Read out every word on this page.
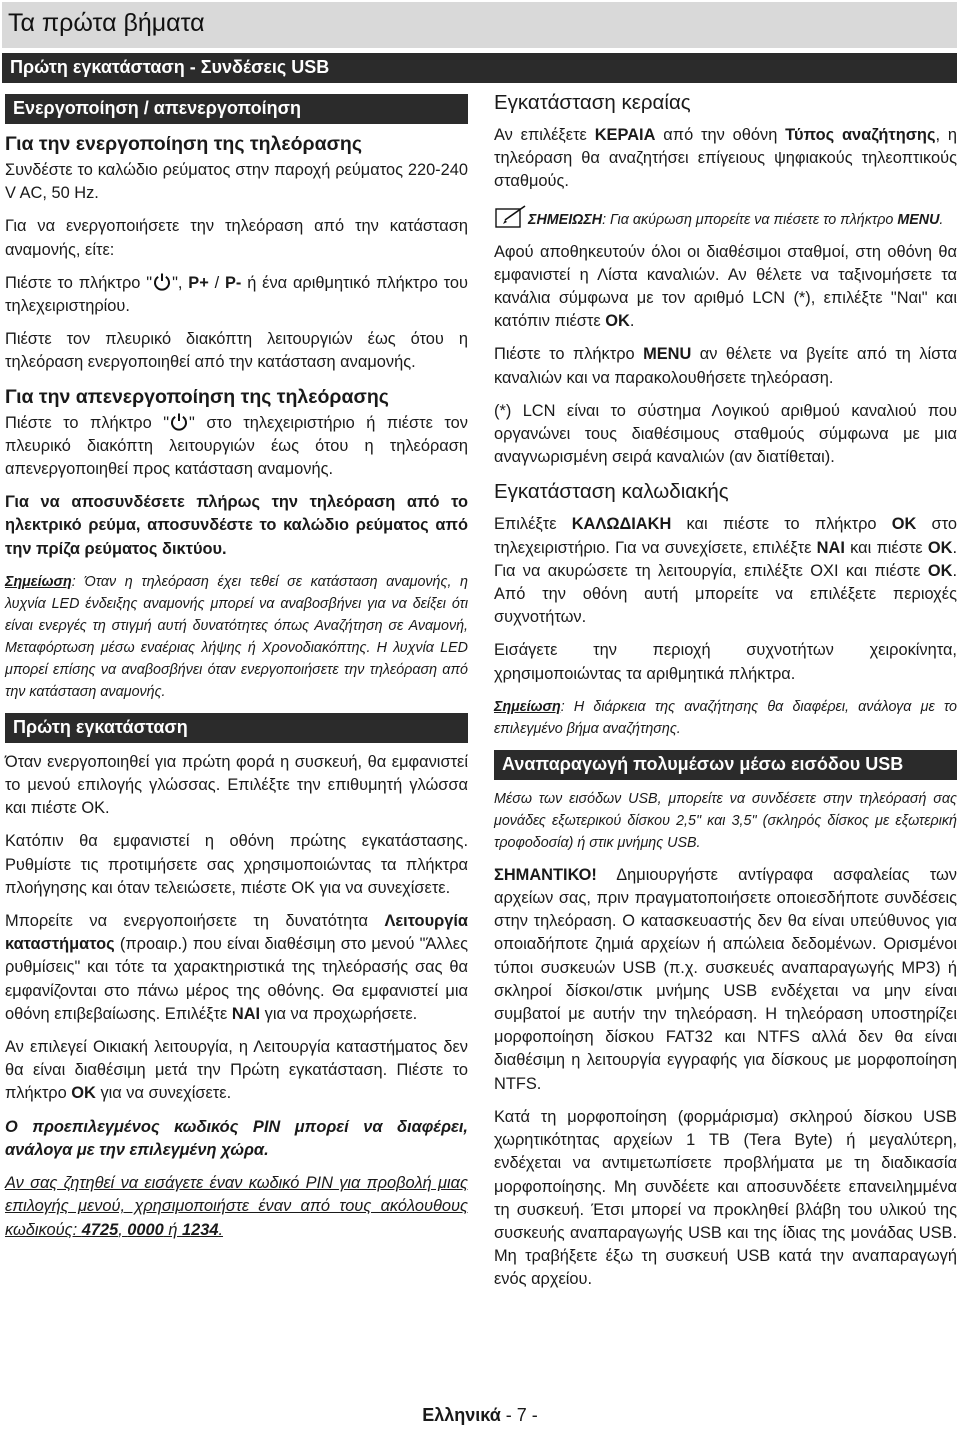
Τα πρώτα βήματα
Πρώτη εγκατάσταση - Συνδέσεις USB
Ενεργοποίηση / απενεργοποίηση
Για την ενεργοποίηση της τηλεόρασης

Συνδέστε το καλώδιο ρεύματος στην παροχή ρεύματος 220-240 V AC, 50 Hz.

Για να ενεργοποιήσετε την τηλεόραση από την κατάσταση αναμονής, είτε:

Πιέστε το πλήκτρο " ", P+ / P- ή ένα αριθμητικό πλήκτρο του τηλεχειριστηρίου.

Πιέστε τον πλευρικό διακόπτη λειτουργιών έως ότου η τηλεόραση ενεργοποιηθεί από την κατάσταση αναμονής.

Για την απενεργοποίηση της τηλεόρασης

Πιέστε το πλήκτρο " " στο τηλεχειριστήριο ή πιέστε τον πλευρικό διακόπτη λειτουργιών έως ότου η τηλεόραση απενεργοποιηθεί προς κατάσταση αναμονής.

Για να αποσυνδέσετε πλήρως την τηλεόραση από το ηλεκτρικό ρεύμα, αποσυνδέστε το καλώδιο ρεύματος από την πρίζα ρεύματος δικτύου.

Σημείωση: Όταν η τηλεόραση έχει τεθεί σε κατάσταση αναμονής, η λυχνία LED ένδειξης αναμονής μπορεί να αναβοσβήνει για να δείξει ότι είναι ενεργές τη στιγμή αυτή δυνατότητες όπως Αναζήτηση σε Αναμονή, Μεταφόρτωση μέσω εναέριας λήψης ή Χρονοδιακόπτης. Η λυχνία LED μπορεί επίσης να αναβοσβήνει όταν ενεργοποιήσετε την τηλεόραση από την κατάσταση αναμονής.

Πρώτη εγκατάσταση

Όταν ενεργοποιηθεί για πρώτη φορά η συσκευή, θα εμφανιστεί το μενού επιλογής γλώσσας. Επιλέξτε την επιθυμητή γλώσσα και πιέστε OK.

Κατόπιν θα εμφανιστεί η οθόνη πρώτης εγκατάστασης. Ρυθμίστε τις προτιμήσετε σας χρησιμοποιώντας τα πλήκτρα πλοήγησης και όταν τελειώσετε, πιέστε OK για να συνεχίσετε.

Μπορείτε να ενεργοποιήσετε τη δυνατότητα Λειτουργία καταστήματος (προαιρ.) που είναι διαθέσιμη στο μενού "Άλλες ρυθμίσεις" και τότε τα χαρακτηριστικά της τηλεόρασής σας θα εμφανίζονται στο πάνω μέρος της οθόνης. Θα εμφανιστεί μια οθόνη επιβεβαίωσης. Επιλέξτε ΝΑΙ για να προχωρήσετε.

Αν επιλεγεί Οικιακή λειτουργία, η Λειτουργία καταστήματος δεν θα είναι διαθέσιμη μετά την Πρώτη εγκατάσταση. Πιέστε το πλήκτρο OK για να συνεχίσετε.

Ο προεπιλεγμένος κωδικός PIN μπορεί να διαφέρει, ανάλογα με την επιλεγμένη χώρα.

Αν σας ζητηθεί να εισάγετε έναν κωδικό PIN για προβολή μιας επιλογής μενού, χρησιμοποιήστε έναν από τους ακόλουθους κωδικούς: 4725, 0000 ή 1234.

Εγκατάσταση κεραίας

Αν επιλέξετε ΚΕΡΑΙΑ από την οθόνη Τύπος αναζήτησης, η τηλεόραση θα αναζητήσει επίγειους ψηφιακούς τηλεοπτικούς σταθμούς.

ΣΗΜΕΙΩΣΗ: Για ακύρωση μπορείτε να πιέσετε το πλήκτρο MENU.

Αφού αποθηκευτούν όλοι οι διαθέσιμοι σταθμοί, στη οθόνη θα εμφανιστεί η Λίστα καναλιών. Αν θέλετε να ταξινομήσετε τα κανάλια σύμφωνα με τον αριθμό LCN (*), επιλέξτε "Ναι" και κατόπιν πιέστε OK.

Πιέστε το πλήκτρο MENU αν θέλετε να βγείτε από τη λίστα καναλιών και να παρακολουθήσετε τηλεόραση.

(*) LCN είναι το σύστημα Λογικού αριθμού καναλιού που οργανώνει τους διαθέσιμους σταθμούς σύμφωνα με μια αναγνωρισμένη σειρά καναλιών (αν διατίθεται).

Εγκατάσταση καλωδιακής

Επιλέξτε ΚΑΛΩΔΙΑΚΗ και πιέστε το πλήκτρο OK στο τηλεχειριστήριο. Για να συνεχίσετε, επιλέξτε ΝΑΙ και πιέστε OK. Για να ακυρώσετε τη λειτουργία, επιλέξτε ΟΧΙ και πιέστε OK. Από την οθόνη αυτή μπορείτε να επιλέξετε περιοχές συχνοτήτων.

Εισάγετε την περιοχή συχνοτήτων χειροκίνητα, χρησιμοποιώντας τα αριθμητικά πλήκτρα.

Σημείωση: Η διάρκεια της αναζήτησης θα διαφέρει, ανάλογα με το επιλεγμένο βήμα αναζήτησης.

Αναπαραγωγή πολυμέσων μέσω εισόδου USB

Μέσω των εισόδων USB, μπορείτε να συνδέσετε στην τηλεόρασή σας μονάδες εξωτερικού δίσκου 2,5" και 3,5" (σκληρός δίσκος με εξωτερική τροφοδοσία) ή στικ μνήμης USB.

ΣΗΜΑΝΤΙΚΟ! Δημιουργήστε αντίγραφα ασφαλείας των αρχείων σας, πριν πραγματοποιήσετε οποιεσδήποτε συνδέσεις στην τηλεόραση. Ο κατασκευαστής δεν θα είναι υπεύθυνος για οποιαδήποτε ζημιά αρχείων ή απώλεια δεδομένων. Ορισμένοι τύποι συσκευών USB (π.χ. συσκευές αναπαραγωγής MP3) ή σκληροί δίσκοι/στικ μνήμης USB ενδέχεται να μην είναι συμβατοί με αυτήν την τηλεόραση. Η τηλεόραση υποστηρίζει μορφοποίηση δίσκου FAT32 και NTFS αλλά δεν θα είναι διαθέσιμη η λειτουργία εγγραφής για δίσκους με μορφοποίηση NTFS.

Κατά τη μορφοποίηση (φορμάρισμα) σκληρού δίσκου USB χωρητικότητας αρχείων 1 TB (Tera Byte) ή μεγαλύτερη, ενδέχεται να αντιμετωπίσετε προβλήματα με τη διαδικασία μορφοποίησης. Μη συνδέετε και αποσυνδέετε επανειλημμένα τη συσκευή. Έτσι μπορεί να προκληθεί βλάβη του υλικού της συσκευής αναπαραγωγής USB και της ίδιας της μονάδας USB. Μη τραβήξετε έξω τη συσκευή USB κατά την αναπαραγωγή ενός αρχείου.

Ελληνικά - 7 -
